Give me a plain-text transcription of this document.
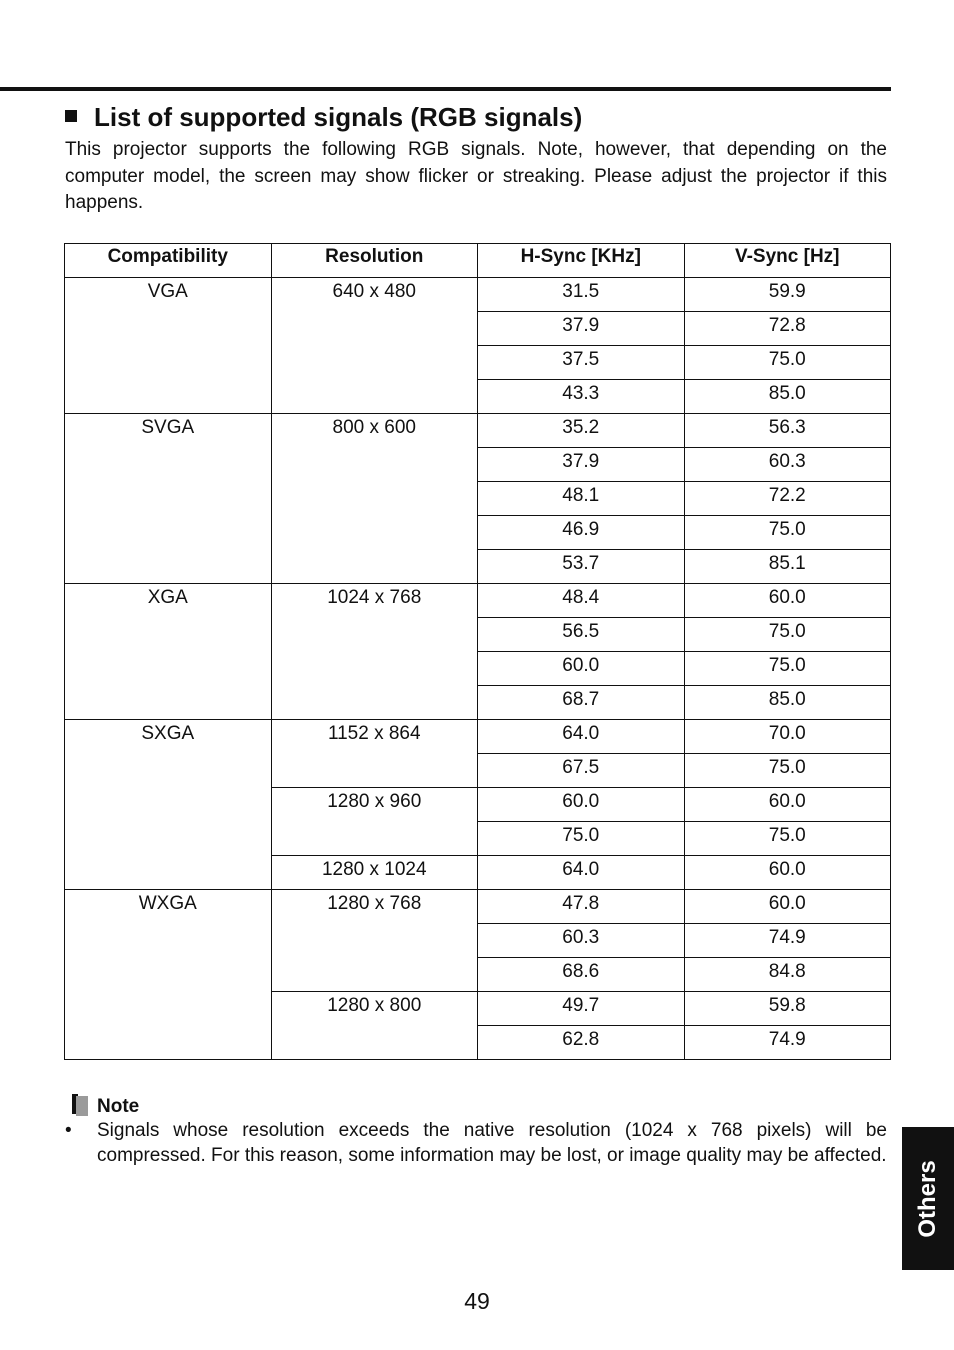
List of supported signals (RGB signals)

This projector supports the following RGB signals. Note, however, that depending on the computer model, the screen may show flicker or streaking. Please adjust the projector if this happens.

Compatibility	Resolution	H-Sync [KHz]	V-Sync [Hz]
VGA	640 x 480	31.5	59.9
		37.9	72.8
		37.5	75.0
		43.3	85.0
SVGA	800 x 600	35.2	56.3
		37.9	60.3
		48.1	72.2
		46.9	75.0
		53.7	85.1
XGA	1024 x 768	48.4	60.0
		56.5	75.0
		60.0	75.0
		68.7	85.0
SXGA	1152 x 864	64.0	70.0
		67.5	75.0
	1280 x 960	60.0	60.0
		75.0	75.0
	1280 x 1024	64.0	60.0
WXGA	1280 x 768	47.8	60.0
		60.3	74.9
		68.6	84.8
	1280 x 800	49.7	59.8
		62.8	74.9
Note
• Signals whose resolution exceeds the native resolution (1024 x 768 pixels) will be compressed. For this reason, some information may be lost, or image quality may be affected.
Others
49
